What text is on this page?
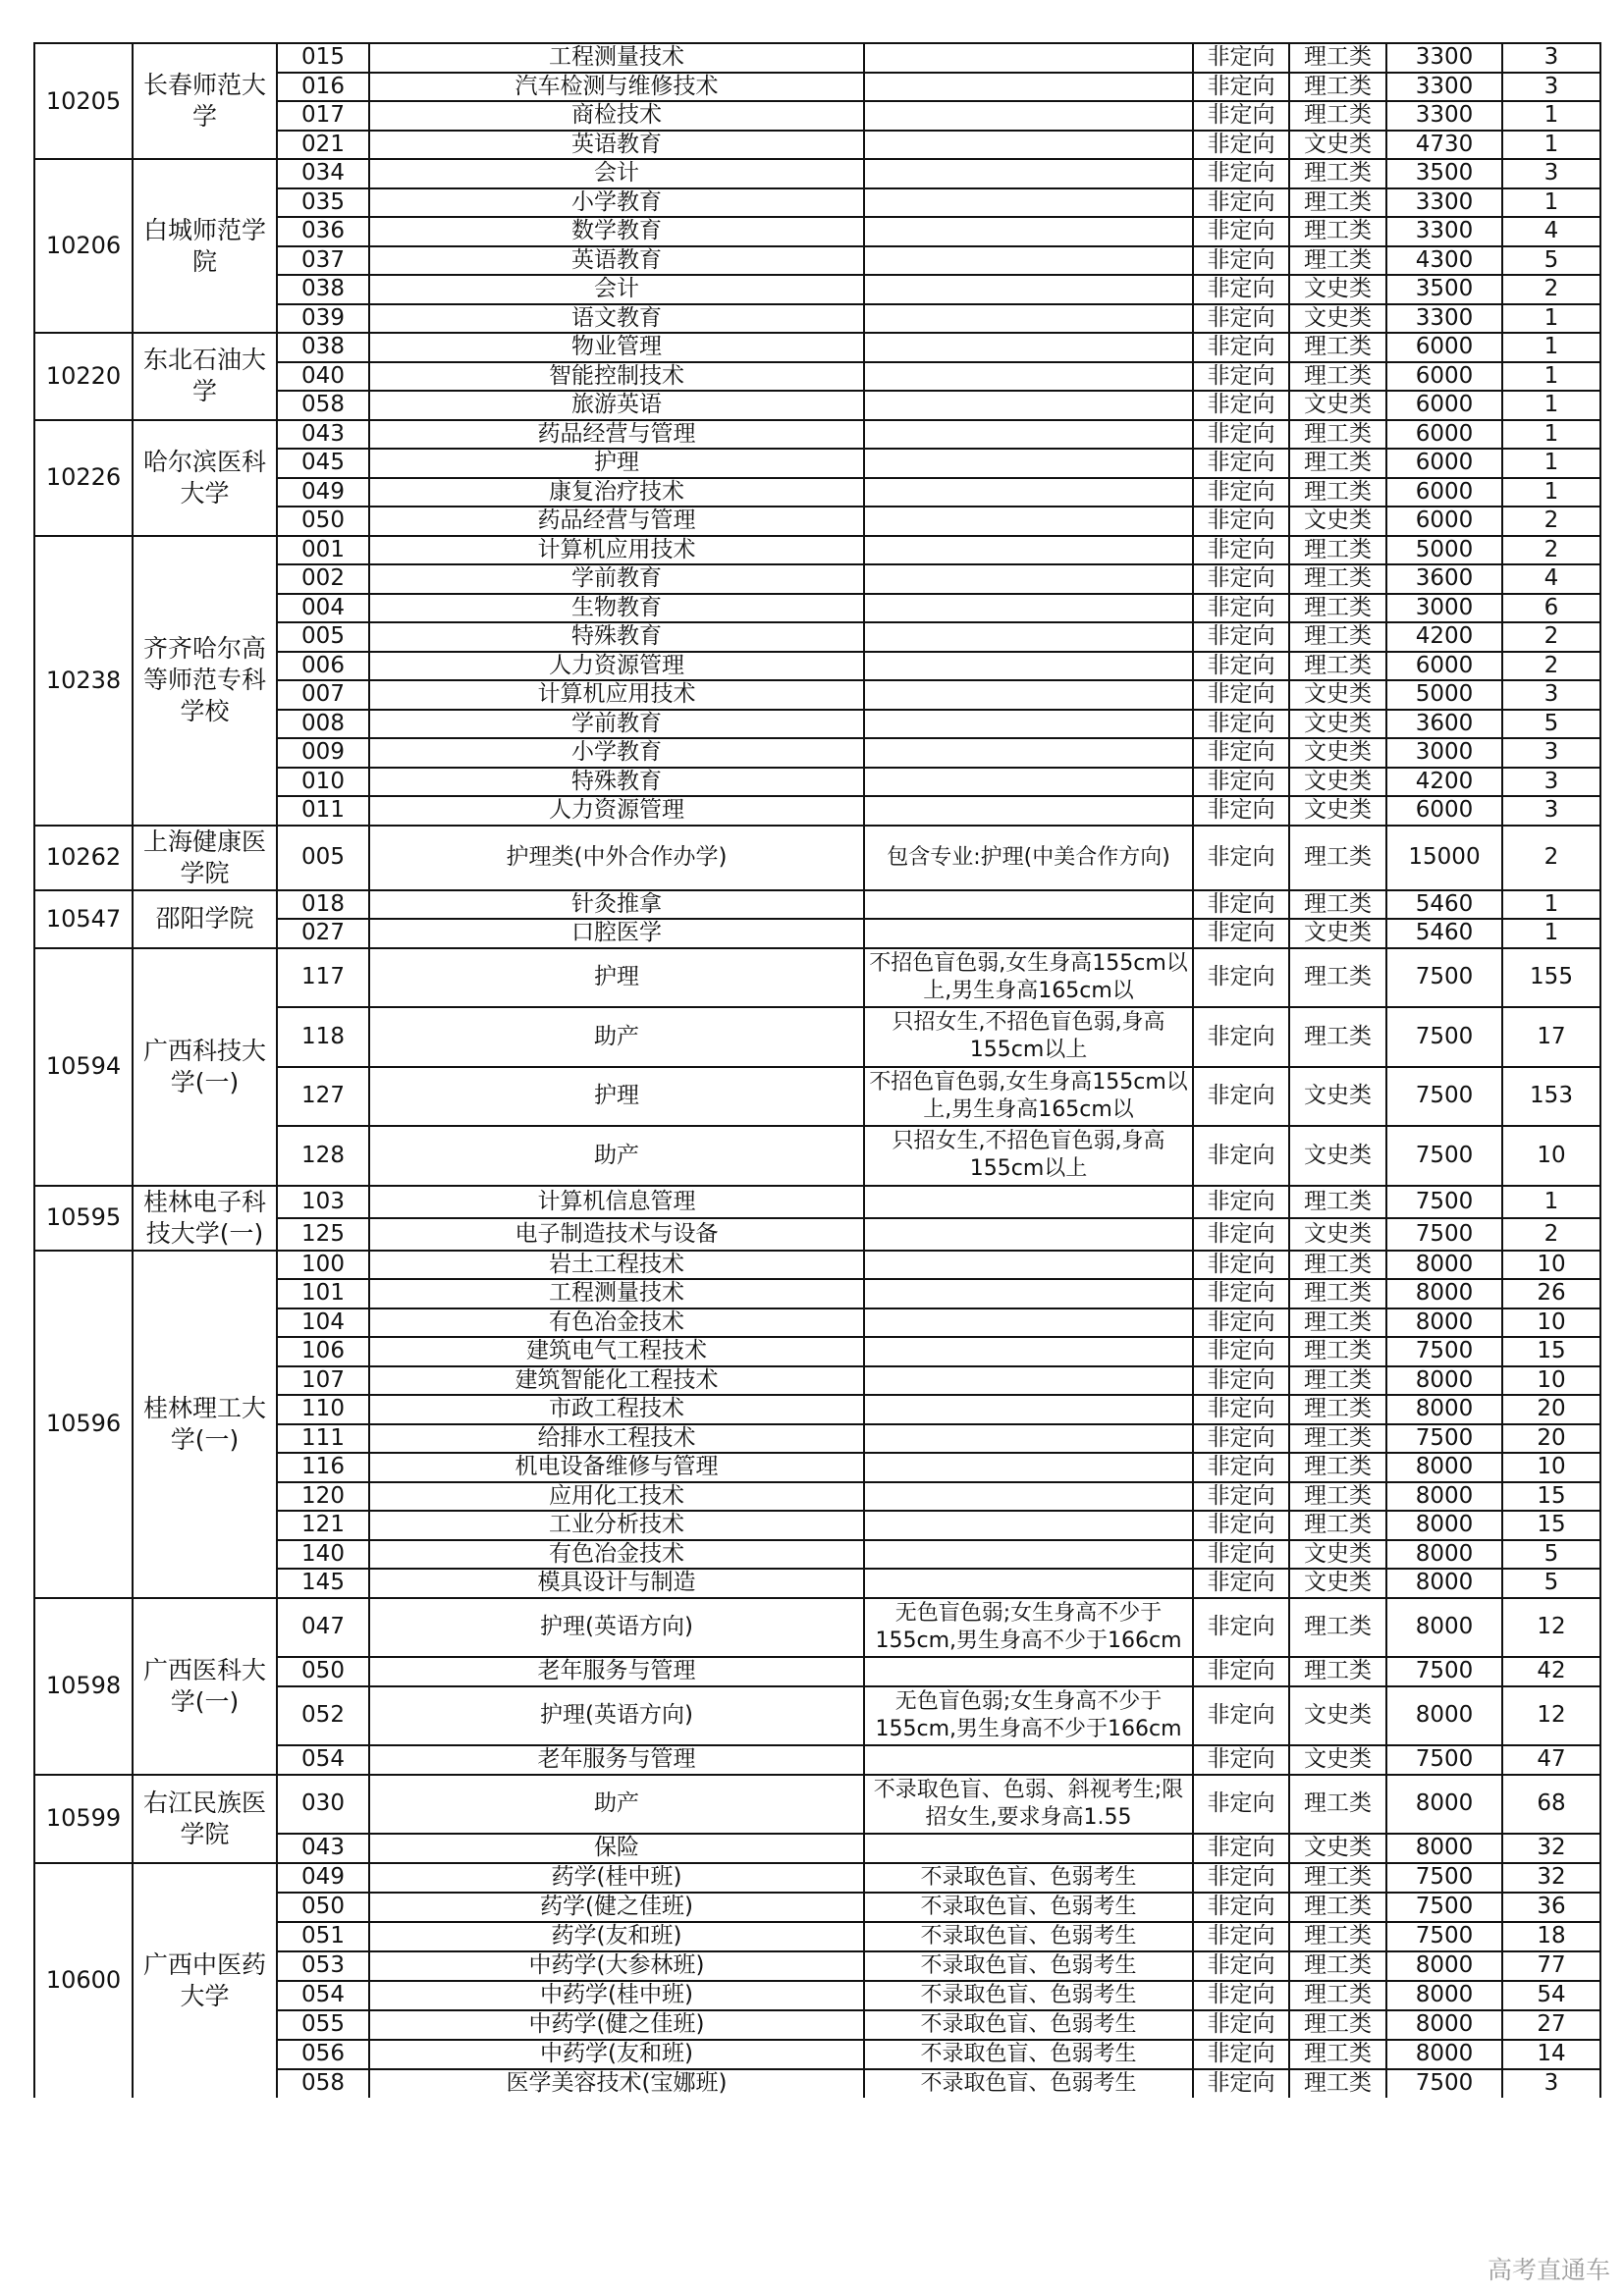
10205	长春师范大学	015	工程测量技术		非定向	理工类	3300	3
		016	汽车检测与维修技术		非定向	理工类	3300	3
		017	商检技术		非定向	理工类	3300	1
		021	英语教育		非定向	文史类	4730	1
10206	白城师范学院	034	会计		非定向	理工类	3500	3
		035	小学教育		非定向	理工类	3300	1
		036	数学教育		非定向	理工类	3300	4
		037	英语教育		非定向	理工类	4300	5
		038	会计		非定向	文史类	3500	2
		039	语文教育		非定向	文史类	3300	1
10220	东北石油大学	038	物业管理		非定向	理工类	6000	1
		040	智能控制技术		非定向	理工类	6000	1
		058	旅游英语		非定向	文史类	6000	1
10226	哈尔滨医科大学	043	药品经营与管理		非定向	理工类	6000	1
		045	护理		非定向	理工类	6000	1
		049	康复治疗技术		非定向	理工类	6000	1
		050	药品经营与管理		非定向	文史类	6000	2
10238	齐齐哈尔高等师范专科学校	001	计算机应用技术		非定向	理工类	5000	2
		002	学前教育		非定向	理工类	3600	4
		004	生物教育		非定向	理工类	3000	6
		005	特殊教育		非定向	理工类	4200	2
		006	人力资源管理		非定向	理工类	6000	2
		007	计算机应用技术		非定向	文史类	5000	3
		008	学前教育		非定向	文史类	3600	5
		009	小学教育		非定向	文史类	3000	3
		010	特殊教育		非定向	文史类	4200	3
		011	人力资源管理		非定向	文史类	6000	3
10262	上海健康医学院	005	护理类(中外合作办学)	包含专业:护理(中美合作方向)	非定向	理工类	15000	2
10547	邵阳学院	018	针灸推拿		非定向	理工类	5460	1
		027	口腔医学		非定向	文史类	5460	1
10594	广西科技大学(一)	117	护理	不招色盲色弱,女生身高155cm以上,男生身高165cm以	非定向	理工类	7500	155
		118	助产	只招女生,不招色盲色弱,身高155cm以上	非定向	理工类	7500	17
		127	护理	不招色盲色弱,女生身高155cm以上,男生身高165cm以	非定向	文史类	7500	153
		128	助产	只招女生,不招色盲色弱,身高155cm以上	非定向	文史类	7500	10
10595	桂林电子科技大学(一)	103	计算机信息管理		非定向	理工类	7500	1
		125	电子制造技术与设备		非定向	文史类	7500	2
10596	桂林理工大学(一)	100	岩土工程技术		非定向	理工类	8000	10
		101	工程测量技术		非定向	理工类	8000	26
		104	有色冶金技术		非定向	理工类	8000	10
		106	建筑电气工程技术		非定向	理工类	7500	15
		107	建筑智能化工程技术		非定向	理工类	8000	10
		110	市政工程技术		非定向	理工类	8000	20
		111	给排水工程技术		非定向	理工类	7500	20
		116	机电设备维修与管理		非定向	理工类	8000	10
		120	应用化工技术		非定向	理工类	8000	15
		121	工业分析技术		非定向	理工类	8000	15
		140	有色冶金技术		非定向	文史类	8000	5
		145	模具设计与制造		非定向	文史类	8000	5
10598	广西医科大学(一)	047	护理(英语方向)	无色盲色弱;女生身高不少于155cm,男生身高不少于166cm	非定向	理工类	8000	12
		050	老年服务与管理		非定向	理工类	7500	42
		052	护理(英语方向)	无色盲色弱;女生身高不少于155cm,男生身高不少于166cm	非定向	文史类	8000	12
		054	老年服务与管理		非定向	文史类	7500	47
10599	右江民族医学院	030	助产	不录取色盲、色弱、斜视考生;限招女生,要求身高1.55	非定向	理工类	8000	68
		043	保险		非定向	文史类	8000	32
10600	广西中医药大学	049	药学(桂中班)	不录取色盲、色弱考生	非定向	理工类	7500	32
		050	药学(健之佳班)	不录取色盲、色弱考生	非定向	理工类	7500	36
		051	药学(友和班)	不录取色盲、色弱考生	非定向	理工类	7500	18
		053	中药学(大参林班)	不录取色盲、色弱考生	非定向	理工类	8000	77
		054	中药学(桂中班)	不录取色盲、色弱考生	非定向	理工类	8000	54
		055	中药学(健之佳班)	不录取色盲、色弱考生	非定向	理工类	8000	27
		056	中药学(友和班)	不录取色盲、色弱考生	非定向	理工类	8000	14
		058	医学美容技术(宝娜班)	不录取色盲、色弱考生	非定向	理工类	7500	3
高考直通车
